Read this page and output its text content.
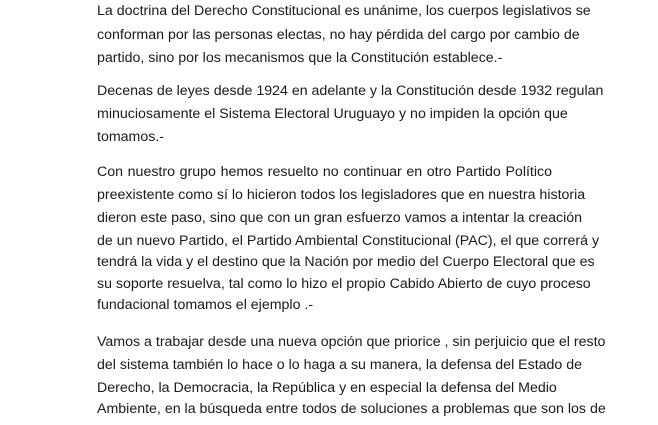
La doctrina del Derecho Constitucional es unánime, los cuerpos legislativos se
conforman por las personas electas, no hay pérdida del cargo por cambio de
partido, sino por los mecanismos que la Constitución establece.-
Decenas de leyes desde 1924 en adelante y la Constitución desde 1932 regulan
minuciosamente el Sistema Electoral Uruguayo y no impiden la opción que
tomamos.-
Con nuestro grupo hemos resuelto no continuar en otro Partido Político
preexistente como sí lo hicieron todos los legisladores que en nuestra historia
dieron este paso, sino que con un gran esfuerzo vamos a intentar la creación
de un nuevo Partido, el Partido Ambiental Constitucional (PAC), el que correrá y
tendrá la vida y el destino que la Nación por medio del Cuerpo Electoral que es
su soporte resuelva, tal como lo hizo el propio Cabido Abierto de cuyo proceso
fundacional tomamos el ejemplo .-
Vamos a trabajar desde una nueva opción que priorice , sin perjuicio que el resto
del sistema también lo hace o lo haga a su manera, la defensa del Estado de
Derecho, la Democracia, la República y en especial la defensa del Medio
Ambiente, en la búsqueda entre todos de soluciones a problemas que son los de
